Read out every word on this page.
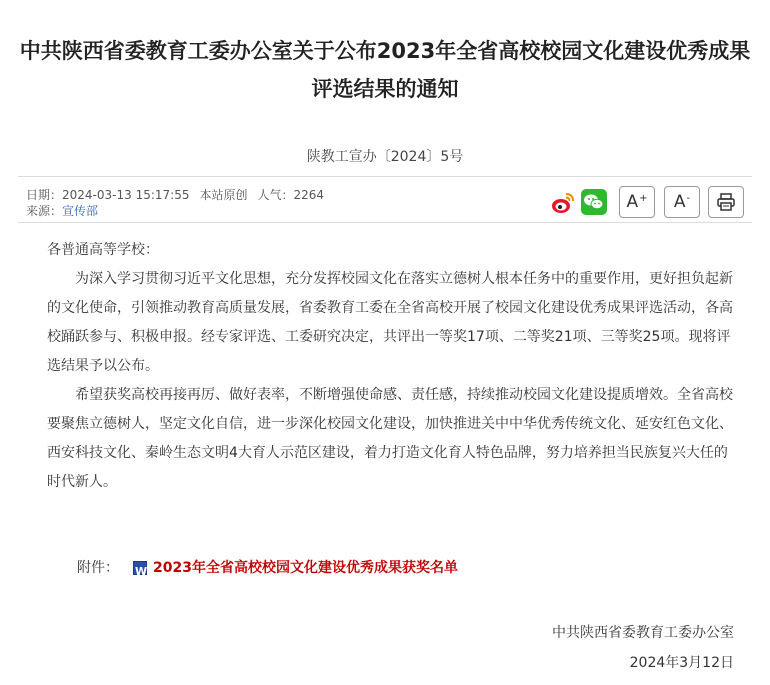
中共陕西省委教育工委办公室关于公布2023年全省高校校园文化建设优秀成果
评选结果的通知
陕教工宣办〔2024〕5号
日期：2024-03-13 15:17:55 本站原创 人气：2264
来源：宣传部	A+ A-

各普通高等学校：

为深入学习贯彻习近平文化思想，充分发挥校园文化在落实立德树人根本任务中的重要作用，更好担负起新的文化使命，引领推动教育高质量发展，省委教育工委在全省高校开展了校园文化建设优秀成果评选活动，各高校踊跃参与、积极申报。经专家评选、工委研究决定，共评出一等奖17项、二等奖21项、三等奖25项。现将评选结果予以公布。

希望获奖高校再接再厉、做好表率，不断增强使命感、责任感，持续推动校园文化建设提质增效。全省高校要聚焦立德树人，坚定文化自信，进一步深化校园文化建设，加快推进关中中华优秀传统文化、延安红色文化、西安科技文化、秦岭生态文明4大育人示范区建设，着力打造文化育人特色品牌，努力培养担当民族复兴大任的时代新人。

附件：
W	2023年全省高校校园文化建设优秀成果获奖名单
中共陕西省委教育工委办公室
2024年3月12日
